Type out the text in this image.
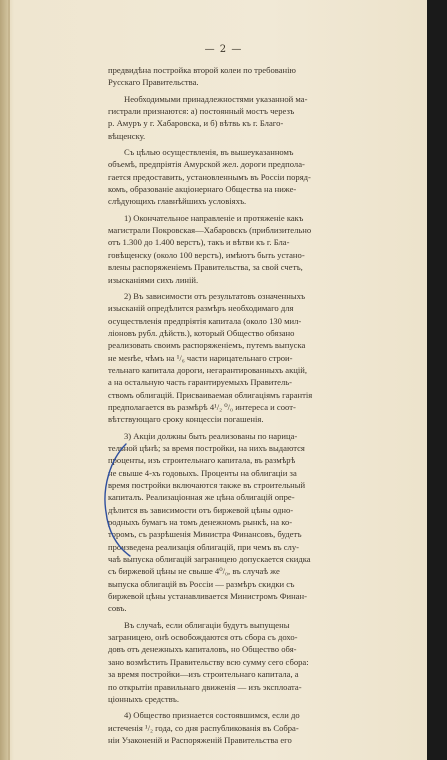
— 2 —
предвидѣна постройка второй колеи по требованію
Русскаго Правительства.
Необходимыми принадлежностями указанной ма-
гистрали признаются: а) постоянный мостъ черезъ
р. Амуръ у г. Хабаровска, и б) вѣтвь къ г. Благо-
вѣщенску.
Съ цѣлью осуществленія, въ вышеуказанномъ
объемѣ, предпріятія Амурской жел. дороги предпола-
гается предоставить, установленнымъ въ Россіи поряд-
комъ, образованіе акціонернаго Общества на ниже-
слѣдующихъ главнѣйшихъ условіяхъ.
1) Окончательное направленіе и протяженіе какъ
магистрали Покровская—Хабаровскъ (приблизительно
отъ 1.300 до 1.400 верстъ), такъ и вѣтви къ г. Бла-
говѣщенску (около 100 верстъ), имѣютъ быть устано-
влены распоряженіемъ Правительства, за свой счетъ,
изысканіями сихъ линій.
2) Въ зависимости отъ результатовъ означенныхъ
изысканій опредѣлится размѣръ необходимаго для
осуществленія предпріятія капитала (около 130 мил-
ліоновъ рубл. дѣйств.), который Общество обязано
реализовать своимъ распоряженіемъ, путемъ выпуска
не менѣе, чѣмъ на ¹/₆ части нарицательнаго строи-
тельнаго капитала дороги, негарантированныхъ акцій,
а на остальную часть гарантируемыхъ Правитель-
ствомъ облигацій. Присваиваемая облигаціямъ гарантія
предполагается въ размѣрѣ 4¹/₂ ⁰/₀ интереса и соот-
вѣтствующаго сроку концессіи погашенія.
3) Акціи должны быть реализованы по нарица-
тельной цѣнѣ; за время постройки, на нихъ выдаются
проценты, изъ строительнаго капитала, въ размѣрѣ
не свыше 4-хъ годовыхъ. Проценты на облигаціи за
время постройки включаются также въ строительный
капиталъ. Реализаціонная же цѣна облигацій опре-
дѣлится въ зависимости отъ биржевой цѣны одно-
родныхъ бумагъ на томъ денежномъ рынкѣ, на ко-
торомъ, съ разрѣшенія Министра Финансовъ, будетъ
произведена реализація облигацій, при чемъ въ слу-
чаѣ выпуска облигацій заграницею допускается скидка
съ биржевой цѣны не свыше 4⁰/₀, въ случаѣ же
выпуска облигацій въ Россіи — размѣръ скидки съ
биржевой цѣны устанавливается Министромъ Финан-
совъ.
Въ случаѣ, если облигаціи будутъ выпущены
заграницею, онѣ освобождаются отъ сбора съ дохо-
довъ отъ денежныхъ капиталовъ, но Общество обя-
зано возмѣстить Правительству всю сумму сего сбора:
за время постройки—изъ строительнаго капитала, а
по открытіи правильнаго движенія — изъ эксплоата-
ціонныхъ средствъ.
4) Общество признается состоявшимся, если до
истеченія ¹/₂ года, со дня распубликованія въ Собра-
ніи Узаконеній и Распоряженій Правительства его
